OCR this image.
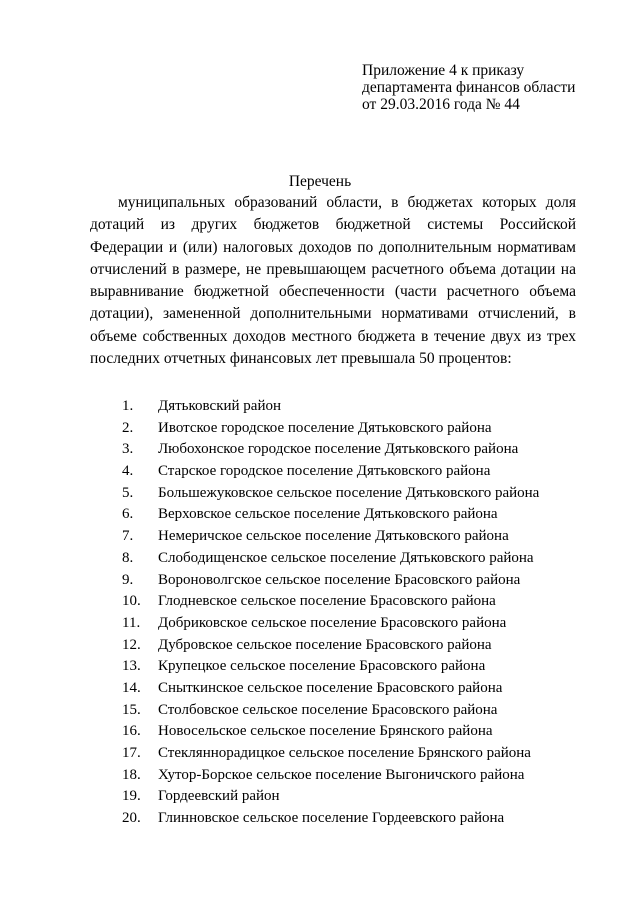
Приложение 4 к приказу
департамента финансов области
от 29.03.2016 года № 44
Перечень
муниципальных образований области, в бюджетах которых доля дотаций из других бюджетов бюджетной системы Российской Федерации и (или) налоговых доходов по дополнительным нормативам отчислений в размере, не превышающем расчетного объема дотации на выравнивание бюджетной обеспеченности (части расчетного объема дотации), замененной дополнительными нормативами отчислений, в объеме собственных доходов местного бюджета в течение двух из трех последних отчетных финансовых лет превышала 50 процентов:
1. Дятьковский район
2. Ивотское городское поселение Дятьковского района
3. Любохонское городское поселение Дятьковского района
4. Старское городское поселение Дятьковского района
5. Большежуковское сельское поселение Дятьковского района
6. Верховское сельское поселение Дятьковского района
7. Немеричское сельское поселение Дятьковского района
8. Слободищенское сельское поселение Дятьковского района
9. Вороноволгское сельское поселение Брасовского района
10. Глодневское сельское поселение Брасовского района
11. Добриковское сельское поселение Брасовского района
12. Дубровское сельское поселение Брасовского района
13. Крупецкое сельское поселение Брасовского района
14. Сныткинское сельское поселение Брасовского района
15. Столбовское сельское поселение Брасовского района
16. Новосельское сельское поселение Брянского района
17. Стекляннорадицкое сельское поселение Брянского района
18. Хутор-Борское сельское поселение Выгоничского района
19. Гордеевский район
20. Глинновское сельское поселение Гордеевского района
